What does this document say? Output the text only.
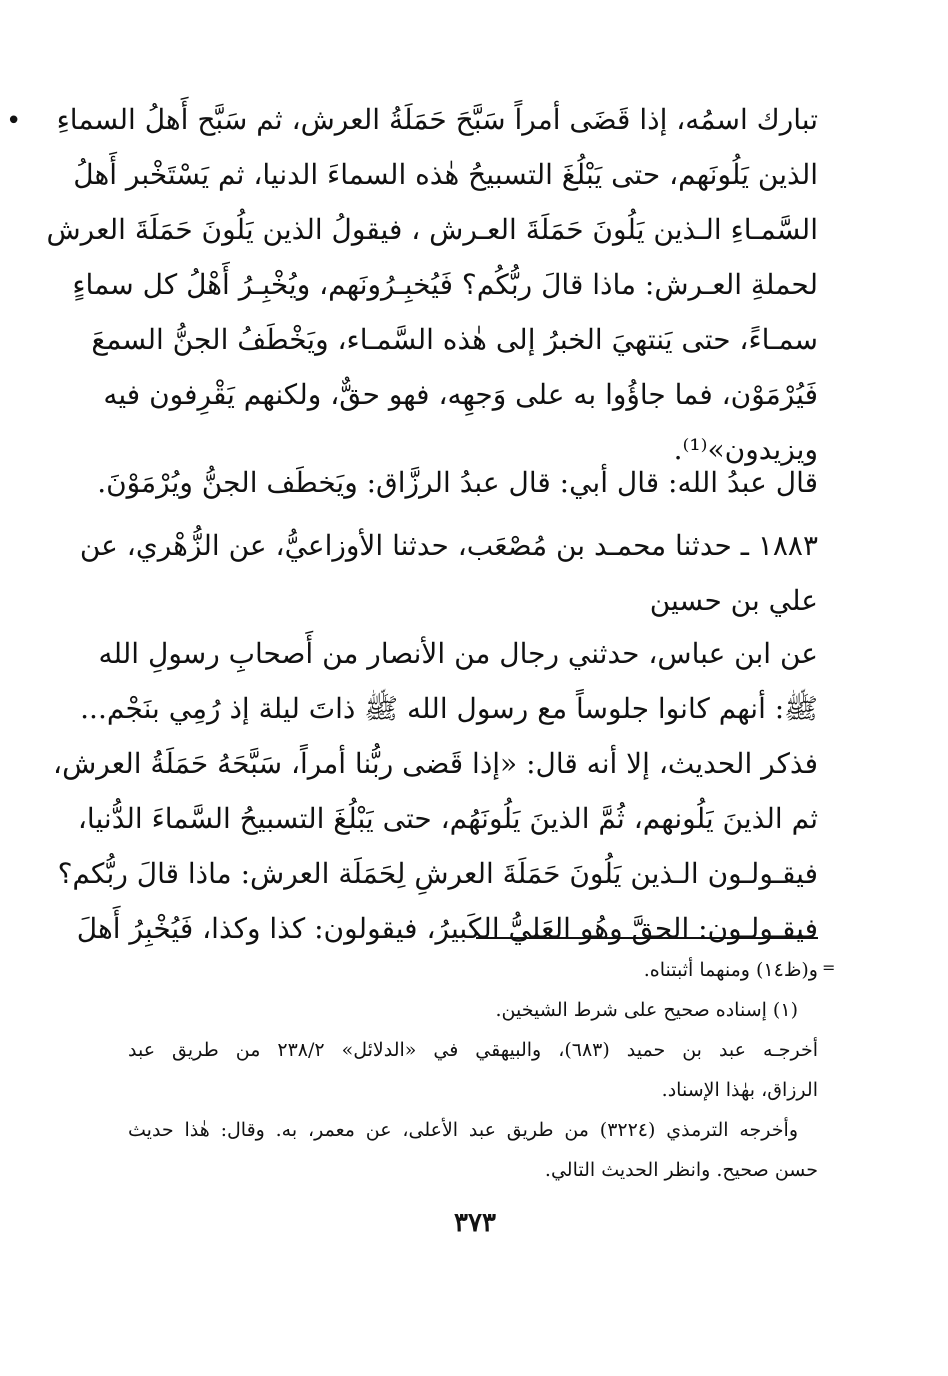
• تبارك اسمُه، إذا قَضَى أمراً سَبَّحَ حَمَلَةُ العرش، ثم سَبَّح أَهلُ السماءِ
الذين يَلُونَهم، حتى يَبْلُغَ التسبيحُ هٰذه السماءَ الدنيا، ثم يَسْتَخْبر أَهلُ
السَّمـاءِ الـذين يَلُونَ حَمَلَةَ العـرش ، فيقولُ الذين يَلُونَ حَمَلَةَ العرش
لحملةِ العـرش: ماذا قالَ ربُّكُم؟ فَيُخبِـرُونَهم، ويُخْبِـرُ أَهْلُ كل سماءٍ
سمـاءً، حتى يَنتهيَ الخبرُ إلى هٰذه السَّمـاء، ويَخْطَفُ الجنُّ السمعَ
فَيُرْمَوْن، فما جاؤُوا به على وَجهِه، فهو حقٌّ، ولكنهم يَقْرِفون فيه
ويزيدون»⁽¹⁾.
قال عبدُ الله: قال أبي: قال عبدُ الرزَّاق: ويَخطَف الجنُّ ويُرْمَوْنَ.
١٨٨٣ ـ حدثنا محمـد بن مُصْعَب، حدثنا الأوزاعيُّ، عن الزُّهْري، عن
علي بن حسين
عن ابن عباس، حدثني رجال من الأنصار من أَصحابِ رسولِ الله
ﷺ: أنهم كانوا جلوساً مع رسول الله ﷺ ذاتَ ليلة إذ رُمِي بنَجْم...
فذكر الحديث، إلا أنه قال: «إذا قَضى ربُّنا أمراً، سَبَّحَهُ حَمَلَةُ العرش،
ثم الذينَ يَلُونهم، ثُمَّ الذينَ يَلُونَهُم، حتى يَبْلُغَ التسبيحُ السَّماءَ الدُّنيا،
فيقـولـون الـذين يَلُونَ حَمَلَةَ العرشِ لِحَمَلَة العرش: ماذا قالَ ربُّكم؟
فيقـولـون: الحقَّ وهُو العَليُّ الكَبيرُ، فيقولون: كذا وكذا، فَيُخْبِرُ أَهلَ
=
و(ظ١٤) ومنهما أثبتناه.
(١) إسناده صحيح على شرط الشيخين.
أخرجـه عبد بن حميد (٦٨٣)، والبيهقي في «الدلائل» ٢٣٨/٢ من طريق عبد
الرزاق، بهٰذا الإسناد.
وأخرجه الترمذي (٣٢٢٤) من طريق عبد الأعلى، عن معمر، به. وقال: هٰذا حديث
حسن صحيح. وانظر الحديث التالي.
٣٧٣
